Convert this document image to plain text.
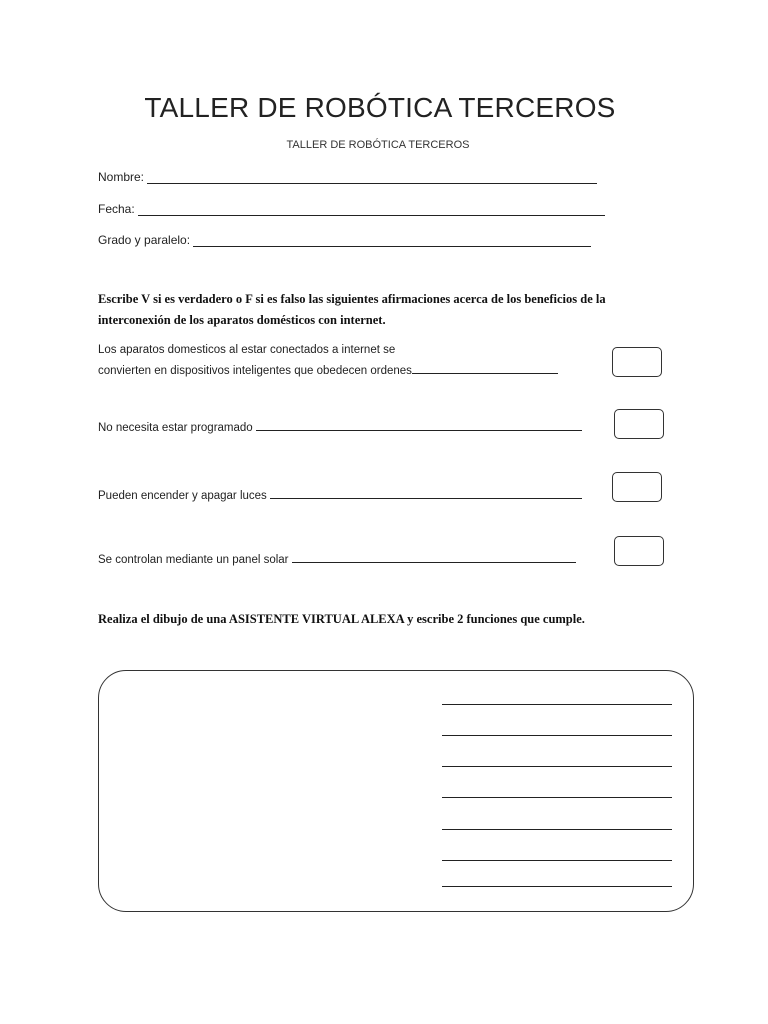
TALLER DE ROBÓTICA TERCEROS
TALLER DE ROBÓTICA TERCEROS
Nombre:
Fecha:
Grado y paralelo:
Escribe V si es verdadero o F si es falso las siguientes afirmaciones acerca de los beneficios de la interconexión de los aparatos domésticos con internet.
Los aparatos domesticos al estar conectados a internet se
convierten en dispositivos inteligentes que obedecen ordenes
No necesita estar programado
Pueden encender y apagar luces
Se controlan mediante un panel solar
Realiza el dibujo de una ASISTENTE VIRTUAL ALEXA y escribe 2 funciones que cumple.
